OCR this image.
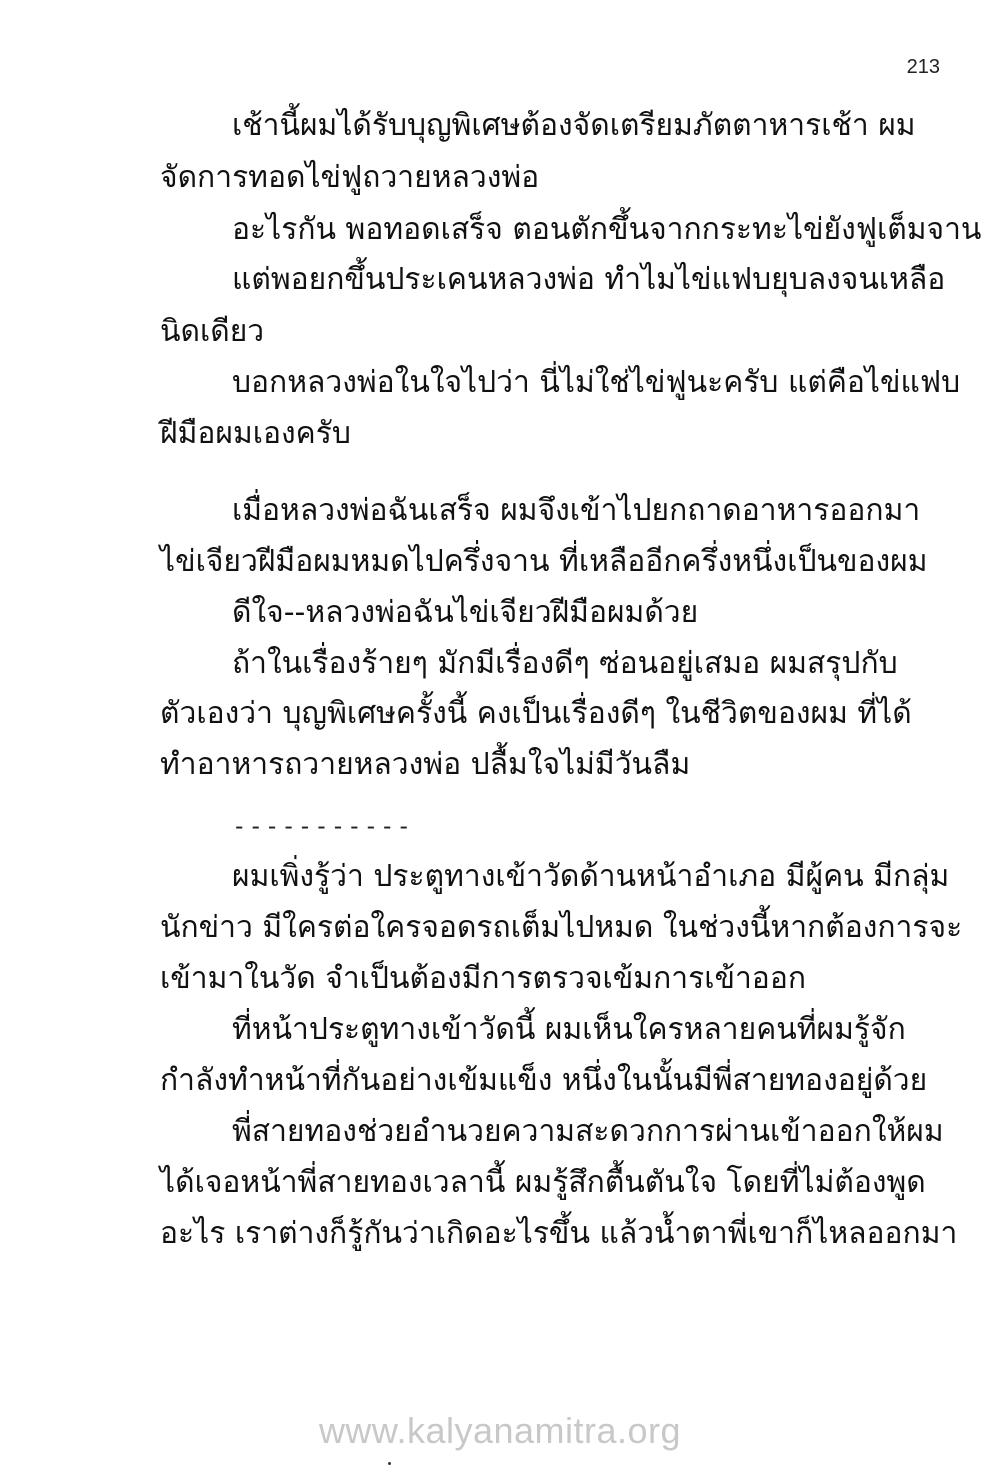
213
เช้านี้ผมได้รับบุญพิเศษต้องจัดเตรียมภัตตาหารเช้า ผม
จัดการทอดไข่ฟูถวายหลวงพ่อ
อะไรกัน พอทอดเสร็จ ตอนตักขึ้นจากกระทะไข่ยังฟูเต็มจาน
แต่พอยกขึ้นประเคนหลวงพ่อ ทำไมไข่แฟบยุบลงจนเหลือ
นิดเดียว
บอกหลวงพ่อในใจไปว่า นี่ไม่ใช่ไข่ฟูนะครับ แต่คือไข่แฟบ
ฝีมือผมเองครับ
เมื่อหลวงพ่อฉันเสร็จ ผมจึงเข้าไปยกถาดอาหารออกมา
ไข่เจียวฝีมือผมหมดไปครึ่งจาน ที่เหลืออีกครึ่งหนึ่งเป็นของผม
ดีใจ--หลวงพ่อฉันไข่เจียวฝีมือผมด้วย
ถ้าในเรื่องร้ายๆ มักมีเรื่องดีๆ ซ่อนอยู่เสมอ ผมสรุปกับ
ตัวเองว่า บุญพิเศษครั้งนี้ คงเป็นเรื่องดีๆ ในชีวิตของผม ที่ได้
ทำอาหารถวายหลวงพ่อ ปลื้มใจไม่มีวันลืม
-----------
ผมเพิ่งรู้ว่า ประตูทางเข้าวัดด้านหน้าอำเภอ มีผู้คน มีกลุ่ม
นักข่าว มีใครต่อใครจอดรถเต็มไปหมด ในช่วงนี้หากต้องการจะ
เข้ามาในวัด จำเป็นต้องมีการตรวจเข้มการเข้าออก
ที่หน้าประตูทางเข้าวัดนี้ ผมเห็นใครหลายคนที่ผมรู้จัก
กำลังทำหน้าที่กันอย่างเข้มแข็ง หนึ่งในนั้นมีพี่สายทองอยู่ด้วย
พี่สายทองช่วยอำนวยความสะดวกการผ่านเข้าออกให้ผม
ได้เจอหน้าพี่สายทองเวลานี้ ผมรู้สึกตื้นตันใจ โดยที่ไม่ต้องพูด
อะไร เราต่างก็รู้กันว่าเกิดอะไรขึ้น แล้วน้ำตาพี่เขาก็ไหลออกมา
www.kalyanamitra.org
